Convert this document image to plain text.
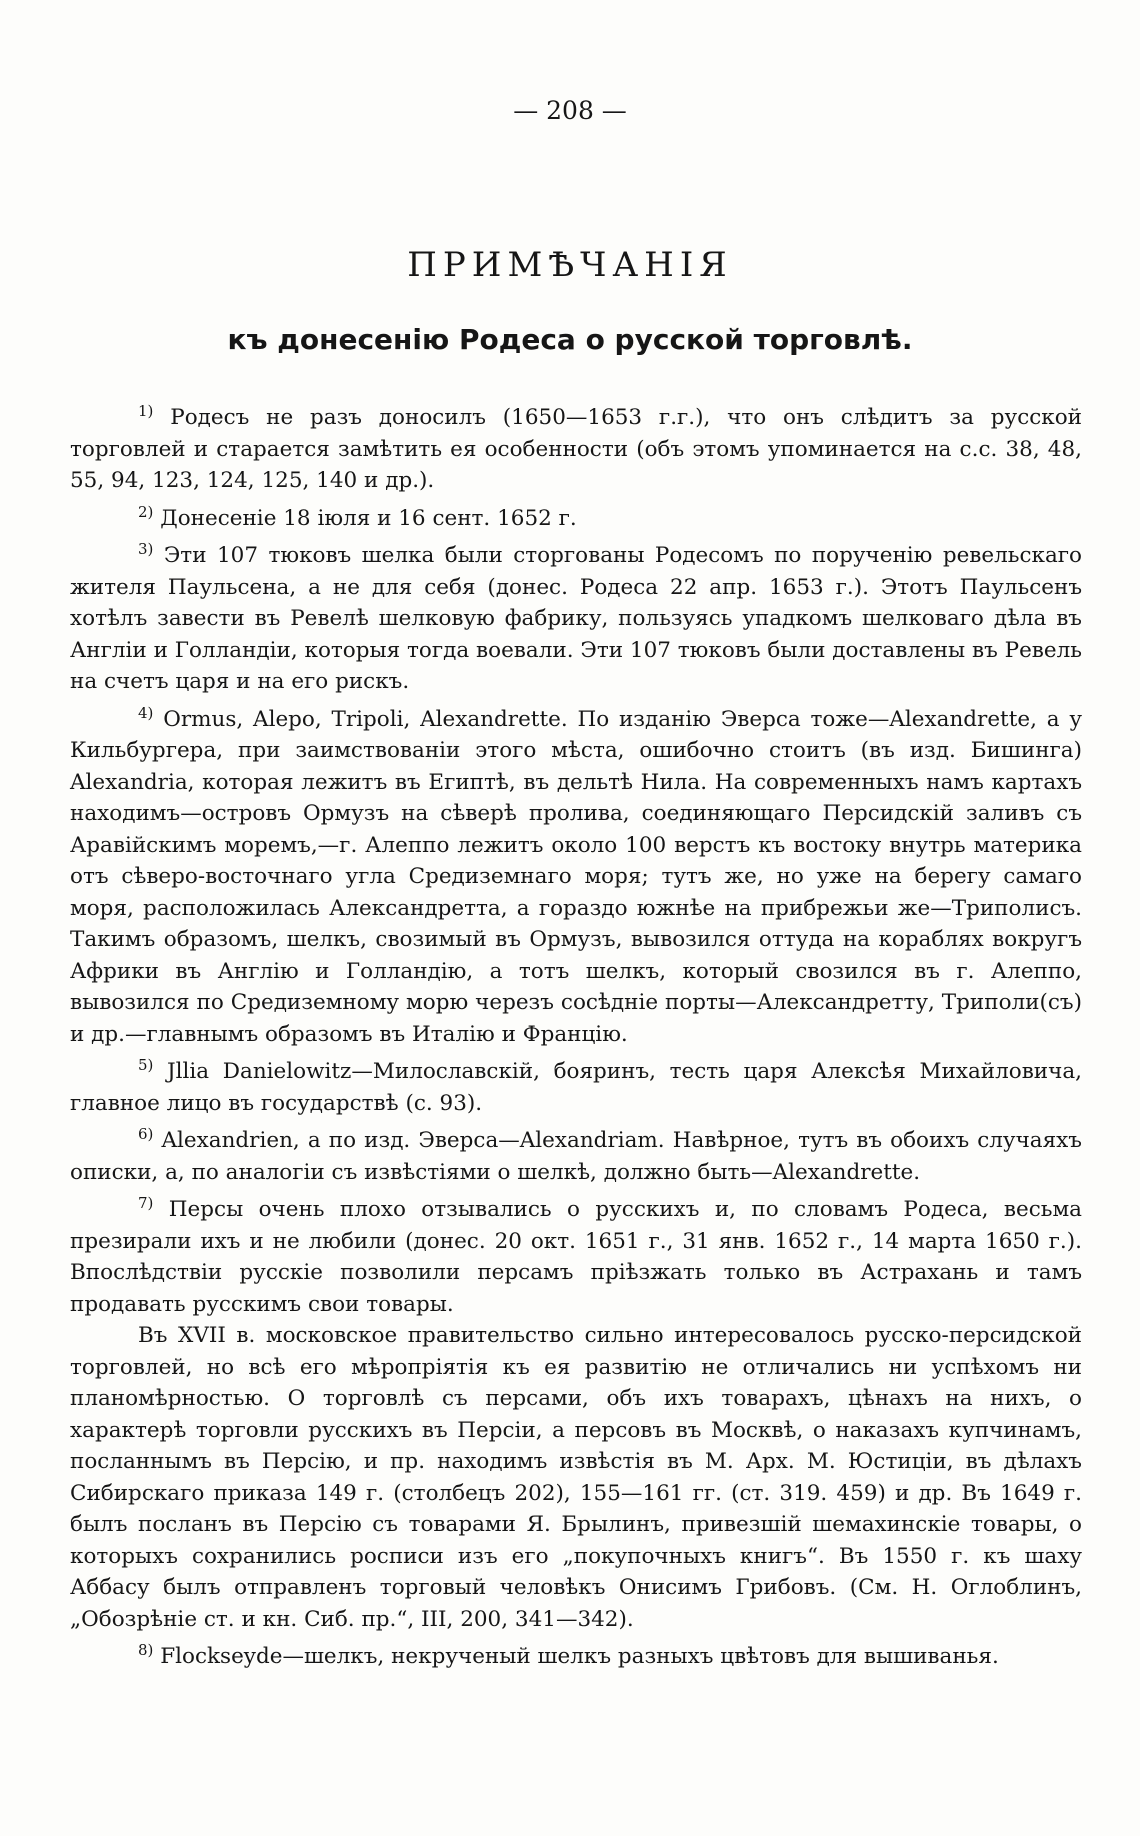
— 208 —
ПРИМѢЧАНІЯ
къ донесенію Родеса о русской торговлѣ.

$^{1)}$ Родесъ не разъ доносилъ (1650—1653 г.г.), что онъ слѣдитъ за русской торговлей и старается замѣтить ея особенности (объ этомъ упоминается на с.с. 38, 48, 55, 94, 123, 124, 125, 140 и др.).

$^{2)}$ Донесеніе 18 іюля и 16 сент. 1652 г.

$^{3)}$ Эти 107 тюковъ шелка были сторгованы Родесомъ по порученію ревельскаго жителя Паульсена, а не для себя (донес. Родеса 22 апр. 1653 г.). Этотъ Паульсенъ хотѣлъ завести въ Ревелѣ шелковую фабрику, пользуясь упадкомъ шелковаго дѣла въ Англіи и Голландіи, которыя тогда воевали. Эти 107 тюковъ были доставлены въ Ревель на счетъ царя и на его рискъ.

$^{4)}$ Ormus, Alepo, Tripoli, Alexandrette. По изданію Эверса тоже—Alexandrette, а у Кильбургера, при заимствованіи этого мѣста, ошибочно стоитъ (въ изд. Бишинга) Alexandria, которая лежитъ въ Египтѣ, въ дельтѣ Нила. На современныхъ намъ картахъ находимъ—островъ Ормузъ на сѣверѣ пролива, соединяющаго Персидскій заливъ съ Аравійскимъ моремъ,—г. Алеппо лежитъ около 100 верстъ къ востоку внутрь материка отъ сѣверо-восточнаго угла Средиземнаго моря; тутъ же, но уже на берегу самаго моря, расположилась Александретта, а гораздо южнѣе на прибрежьи же—Триполисъ. Такимъ образомъ, шелкъ, свозимый въ Ормузъ, вывозился оттуда на кораблях вокругъ Африки въ Англію и Голландію, а тотъ шелкъ, который свозился въ г. Алеппо, вывозился по Средиземному морю черезъ сосѣдніе порты—Александретту, Триполи(съ) и др.—главнымъ образомъ въ Италію и Францію.

$^{5)}$ Jllia Danielowitz—Милославскій, бояринъ, тесть царя Алексѣя Михайловича, главное лицо въ государствѣ (с. 93).

$^{6)}$ Alexandrien, а по изд. Эверса—Alexandriam. Навѣрное, тутъ въ обоихъ случаяхъ описки, а, по аналогіи съ извѣстіями о шелкѣ, должно быть—Alexandrette.

$^{7)}$ Персы очень плохо отзывались о русскихъ и, по словамъ Родеса, весьма презирали ихъ и не любили (донес. 20 окт. 1651 г., 31 янв. 1652 г., 14 марта 1650 г.). Впослѣдствіи русскіе позволили персамъ пріѣзжать только въ Астрахань и тамъ продавать русскимъ свои товары.

Въ XVII в. московское правительство сильно интересовалось русско-персидской торговлей, но всѣ его мѣропріятія къ ея развитію не отличались ни успѣхомъ ни планомѣрностью. О торговлѣ съ персами, объ ихъ товарахъ, цѣнахъ на нихъ, о характерѣ торговли русскихъ въ Персіи, а персовъ въ Москвѣ, о наказахъ купчинамъ, посланнымъ въ Персію, и пр. находимъ извѣстія въ М. Арх. М. Юстиціи, въ дѣлахъ Сибирскаго приказа 149 г. (столбецъ 202), 155—161 гг. (ст. 319. 459) и др. Въ 1649 г. былъ посланъ въ Персію съ товарами Я. Брылинъ, привезшій шемахинскіе товары, о которыхъ сохранились росписи изъ его „покупочныхъ книгъ“. Въ 1550 г. къ шаху Аббасу былъ отправленъ торговый человѣкъ Онисимъ Грибовъ. (См. Н. Оглоблинъ, „Обозрѣніе ст. и кн. Сиб. пр.“, III, 200, 341—342).

$^{8)}$ Flockseyde—шелкъ, некрученый шелкъ разныхъ цвѣтовъ для вышиванья.
